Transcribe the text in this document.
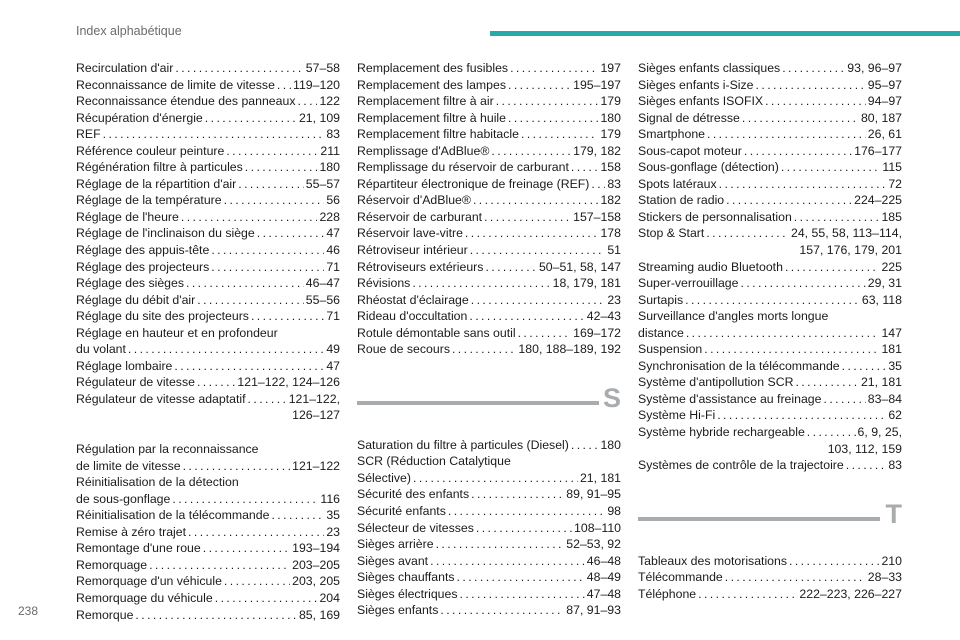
Index alphabétique
Recirculation d'air . . .	57–58
Reconnaissance de limite de vitesse . . . 119–120
Reconnaissance étendue des panneaux . . . 122
Récupération d'énergie . . .	21, 109
REF . . .	83
Référence couleur peinture . . .	211
Régénération filtre à particules . . .	180
Réglage de la répartition d'air . . .	55–57
Réglage de la température . . .	56
Réglage de l'heure . . .	228
Réglage de l'inclinaison du siège . . .	47
Réglage des appuis-tête . . .	46
Réglage des projecteurs . . .	71
Réglage des sièges . . .	46–47
Réglage du débit d'air . . .	55–56
Réglage du site des projecteurs . . .	71
Réglage en hauteur et en profondeur
du volant . . .	49
Réglage lombaire . . .	47
Régulateur de vitesse . . .	121–122, 124–126
Régulateur de vitesse adaptatif . . .	121–122,
126–127
Régulation par la reconnaissance
de limite de vitesse . . .	121–122
Réinitialisation de la détection
de sous-gonflage . . .	116
Réinitialisation de la télécommande . . .	35
Remise à zéro trajet . . .	23
Remontage d'une roue . . .	193–194
Remorquage . . .	203–205
Remorquage d'un véhicule . . .	203, 205
Remorquage du véhicule . . .	204
Remorque . . .	85, 169
Remplacement des fusibles . . .	197
Remplacement des lampes . . .	195–197
Remplacement filtre à air . . .	179
Remplacement filtre à huile . . .	180
Remplacement filtre habitacle . . .	179
Remplissage d'AdBlue® . . .	179, 182
Remplissage du réservoir de carburant . . .	158
Répartiteur électronique de freinage (REF) . . . 83
Réservoir d'AdBlue® . . .	182
Réservoir de carburant . . .	157–158
Réservoir lave-vitre . . .	178
Rétroviseur intérieur . . .	51
Rétroviseurs extérieurs . . .	50–51, 58, 147
Révisions . . .	18, 179, 181
Rhéostat d'éclairage . . .	23
Rideau d'occultation . . .	42–43
Rotule démontable sans outil . . .	169–172
Roue de secours . . .	180, 188–189, 192
S
Saturation du filtre à particules (Diesel) . . .	180
SCR (Réduction Catalytique
Sélective) . . .	21, 181
Sécurité des enfants . . .	89, 91–95
Sécurité enfants . . .	98
Sélecteur de vitesses . . .	108–110
Sièges arrière . . .	52–53, 92
Sièges avant . . .	46–48
Sièges chauffants . . .	48–49
Sièges électriques . . .	47–48
Sièges enfants . . .	87, 91–93
Sièges enfants classiques . . .	93, 96–97
Sièges enfants i-Size . . .	95–97
Sièges enfants ISOFIX . . .	94–97
Signal de détresse . . .	80, 187
Smartphone . . .	26, 61
Sous-capot moteur . . .	176–177
Sous-gonflage (détection) . . .	115
Spots latéraux . . .	72
Station de radio . . .	224–225
Stickers de personnalisation . . .	185
Stop & Start . . .	24, 55, 58, 113–114,
157, 176, 179, 201
Streaming audio Bluetooth . . .	225
Super-verrouillage . . .	29, 31
Surtapis . . .	63, 118
Surveillance d'angles morts longue
distance . . .	147
Suspension . . .	181
Synchronisation de la télécommande . . .	35
Système d'antipollution SCR . . .	21, 181
Système d'assistance au freinage . . .	83–84
Système Hi-Fi . . .	62
Système hybride rechargeable . . .	6, 9, 25,
103, 112, 159
Systèmes de contrôle de la trajectoire . . .	83
T
Tableaux des motorisations . . .	210
Télécommande . . .	28–33
Téléphone . . .	222–223, 226–227
238
